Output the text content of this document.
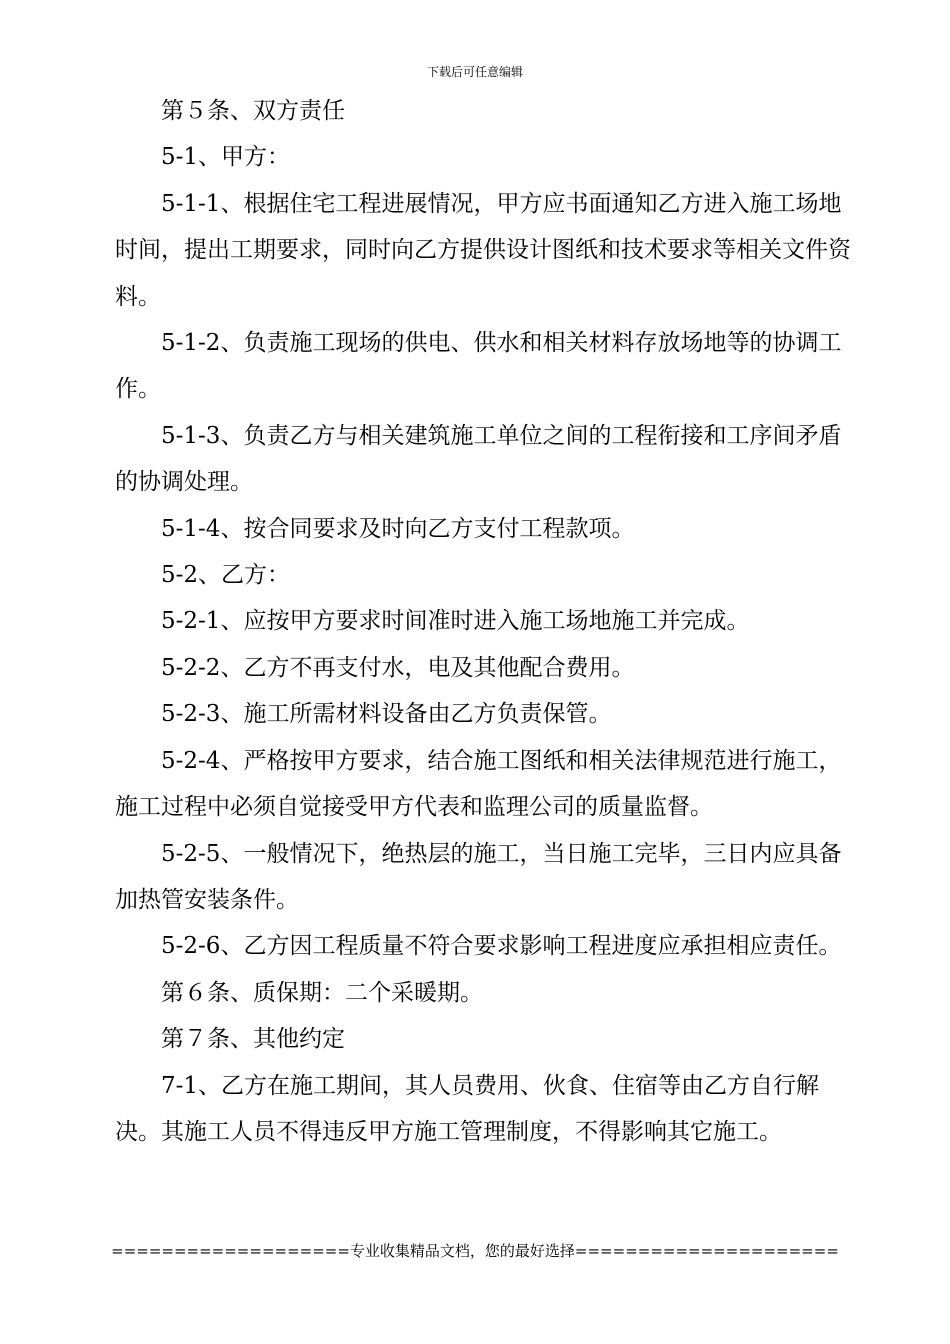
下载后可任意编辑

第５条、双方责任

5-1、甲方：

5-1-1、根据住宅工程进展情况，甲方应书面通知乙方进入施工场地时间，提出工期要求，同时向乙方提供设计图纸和技术要求等相关文件资料。

5-1-2、负责施工现场的供电、供水和相关材料存放场地等的协调工作。

5-1-3、负责乙方与相关建筑施工单位之间的工程衔接和工序间矛盾的协调处理。

5-1-4、按合同要求及时向乙方支付工程款项。

5-2、乙方：

5-2-1、应按甲方要求时间准时进入施工场地施工并完成。

5-2-2、乙方不再支付水，电及其他配合费用。

5-2-3、施工所需材料设备由乙方负责保管。

5-2-4、严格按甲方要求，结合施工图纸和相关法律规范进行施工，施工过程中必须自觉接受甲方代表和监理公司的质量监督。

5-2-5、一般情况下，绝热层的施工，当日施工完毕，三日内应具备加热管安装条件。

5-2-6、乙方因工程质量不符合要求影响工程进度应承担相应责任。

第６条、质保期：二个采暖期。

第７条、其他约定

7-1、乙方在施工期间，其人员费用、伙食、住宿等由乙方自行解决。其施工人员不得违反甲方施工管理制度，不得影响其它施工。

===================专业收集精品文档，您的最好选择=====================
